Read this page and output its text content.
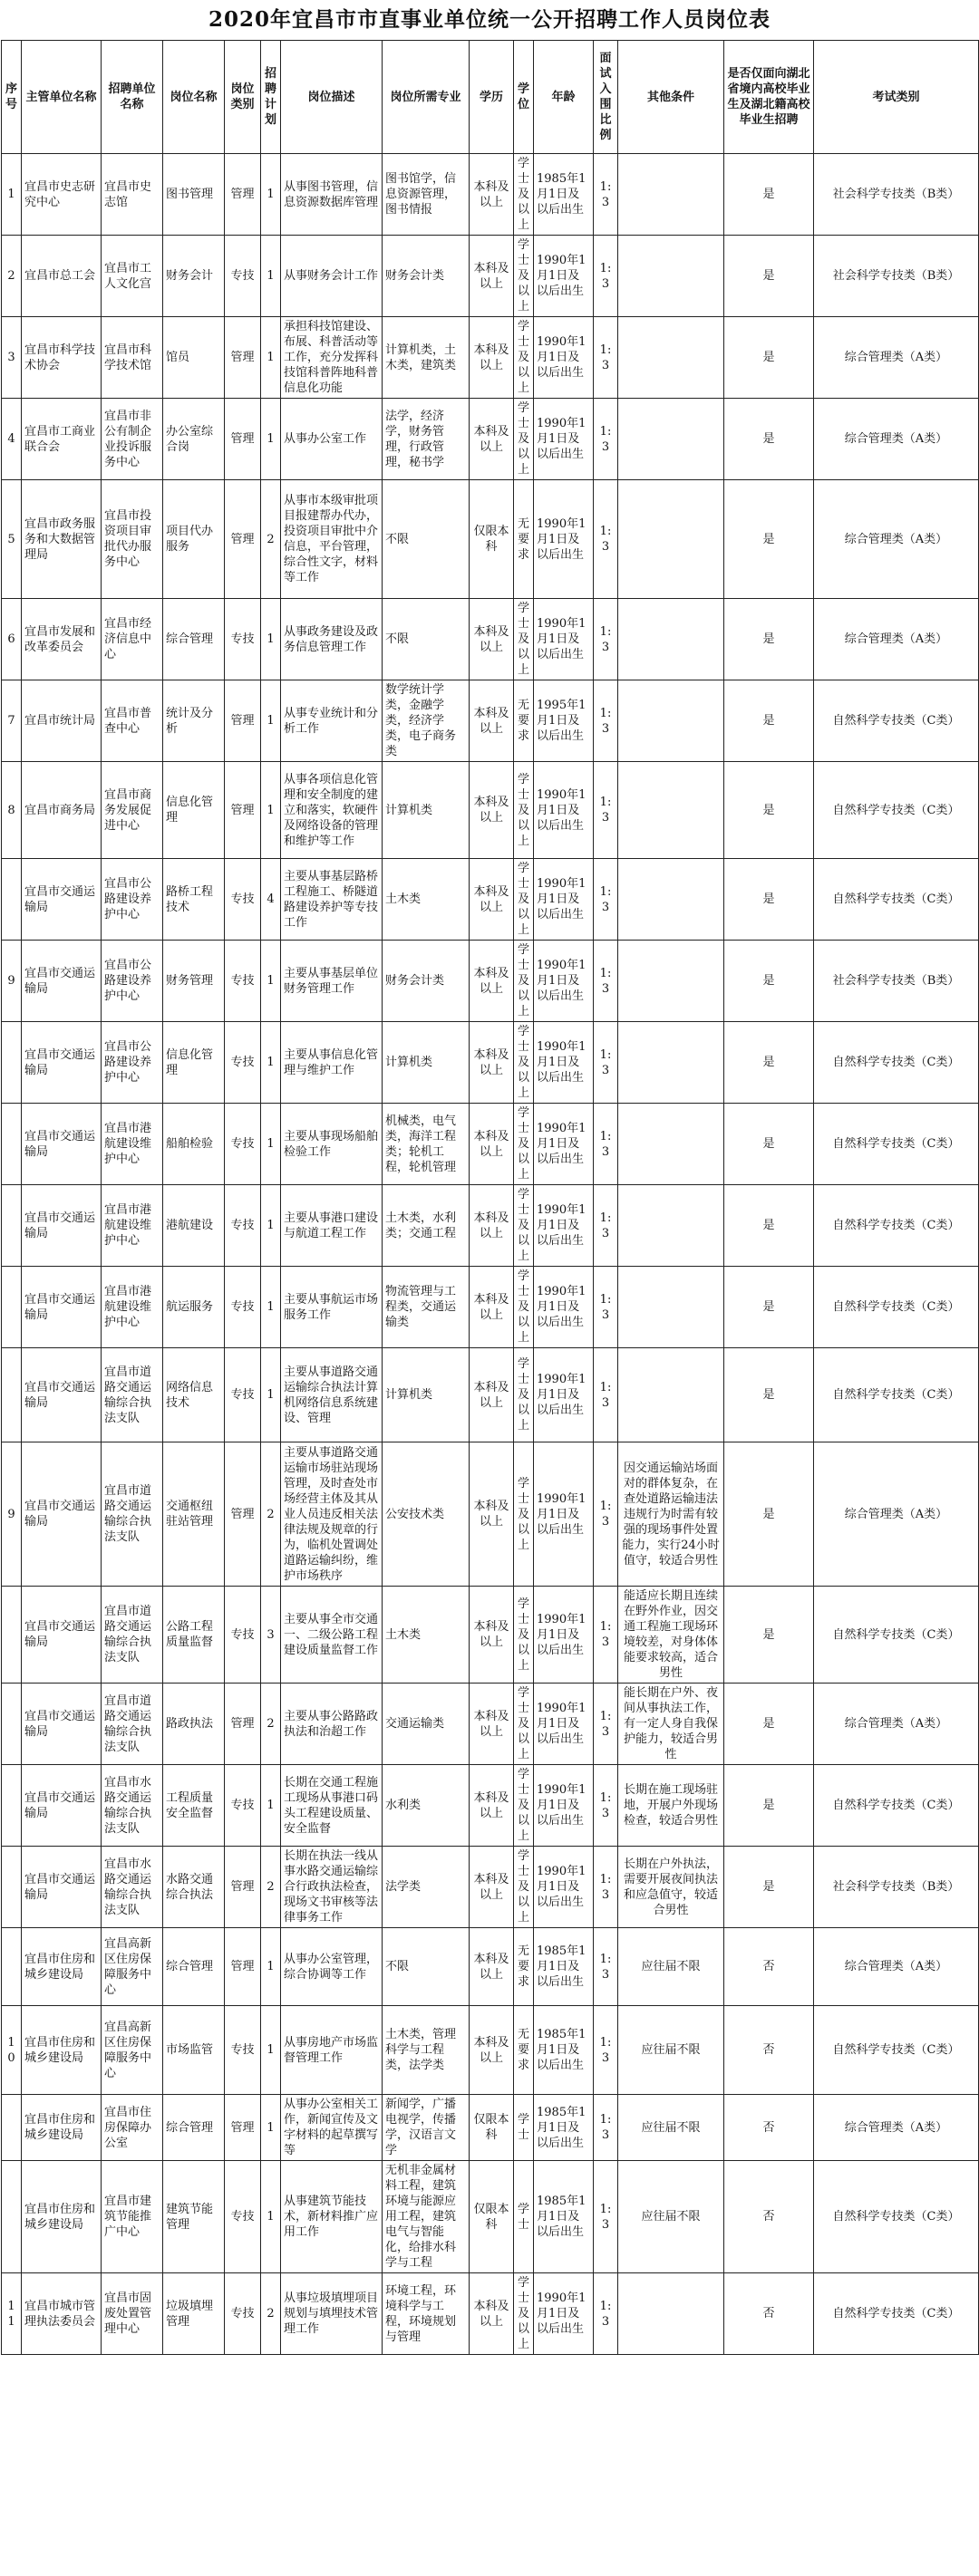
2020年宜昌市市直事业单位统一公开招聘工作人员岗位表
序号	主管单位名称	招聘单位名称	岗位名称	岗位类别	招聘计划	岗位描述	岗位所需专业	学历	学位	年龄	面试入围比例	其他条件	是否仅面向湖北省境内高校毕业生及湖北籍高校毕业生招聘	考试类别
1	宜昌市史志研究中心	宜昌市史志馆	图书管理	管理	1	从事图书管理，信息资源数据库管理	图书馆学，信息资源管理，图书情报	本科及以上	学士及以上	1985年1月1日及以后出生	1:3		是	社会科学专技类（B类）
2	宜昌市总工会	宜昌市工人文化宫	财务会计	专技	1	从事财务会计工作	财务会计类	本科及以上	学士及以上	1990年1月1日及以后出生	1:3		是	社会科学专技类（B类）
3	宜昌市科学技术协会	宜昌市科学技术馆	馆员	管理	1	承担科技馆建设、布展、科普活动等工作，充分发挥科技馆科普阵地科普信息化功能	计算机类，土木类，建筑类	本科及以上	学士及以上	1990年1月1日及以后出生	1:3		是	综合管理类（A类）
4	宜昌市工商业联合会	宜昌市非公有制企业投诉服务中心	办公室综合岗	管理	1	从事办公室工作	法学，经济学，财务管理，行政管理，秘书学	本科及以上	学士及以上	1990年1月1日及以后出生	1:3		是	综合管理类（A类）
5	宜昌市政务服务和大数据管理局	宜昌市投资项目审批代办服务中心	项目代办服务	管理	2	从事市本级审批项目报建帮办代办，投资项目审批中介信息，平台管理，综合性文字，材料等工作	不限	仅限本科	无要求	1990年1月1日及以后出生	1:3		是	综合管理类（A类）
6	宜昌市发展和改革委员会	宜昌市经济信息中心	综合管理	专技	1	从事政务建设及政务信息管理工作	不限	本科及以上	学士及以上	1990年1月1日及以后出生	1:3		是	综合管理类（A类）
7	宜昌市统计局	宜昌市普查中心	统计及分析	管理	1	从事专业统计和分析工作	数学统计学类，金融学类，经济学类，电子商务类	本科及以上	无要求	1995年1月1日及以后出生	1:3		是	自然科学专技类（C类）
8	宜昌市商务局	宜昌市商务发展促进中心	信息化管理	管理	1	从事各项信息化管理和安全制度的建立和落实，软硬件及网络设备的管理和维护等工作	计算机类	本科及以上	学士及以上	1990年1月1日及以后出生	1:3		是	自然科学专技类（C类）
	宜昌市交通运输局	宜昌市公路建设养护中心	路桥工程技术	专技	4	主要从事基层路桥工程施工、桥隧道路建设养护等专技工作	土木类	本科及以上	学士及以上	1990年1月1日及以后出生	1:3		是	自然科学专技类（C类）
9	宜昌市交通运输局	宜昌市公路建设养护中心	财务管理	专技	1	主要从事基层单位财务管理工作	财务会计类	本科及以上	学士及以上	1990年1月1日及以后出生	1:3		是	社会科学专技类（B类）
	宜昌市交通运输局	宜昌市公路建设养护中心	信息化管理	专技	1	主要从事信息化管理与维护工作	计算机类	本科及以上	学士及以上	1990年1月1日及以后出生	1:3		是	自然科学专技类（C类）
	宜昌市交通运输局	宜昌市港航建设维护中心	船舶检验	专技	1	主要从事现场船舶检验工作	机械类，电气类，海洋工程类；轮机工程，轮机管理	本科及以上	学士及以上	1990年1月1日及以后出生	1:3		是	自然科学专技类（C类）
	宜昌市交通运输局	宜昌市港航建设维护中心	港航建设	专技	1	主要从事港口建设与航道工程工作	土木类，水利类；交通工程	本科及以上	学士及以上	1990年1月1日及以后出生	1:3		是	自然科学专技类（C类）
	宜昌市交通运输局	宜昌市港航建设维护中心	航运服务	专技	1	主要从事航运市场服务工作	物流管理与工程类，交通运输类	本科及以上	学士及以上	1990年1月1日及以后出生	1:3		是	自然科学专技类（C类）
	宜昌市交通运输局	宜昌市道路交通运输综合执法支队	网络信息技术	专技	1	主要从事道路交通运输综合执法计算机网络信息系统建设、管理	计算机类	本科及以上	学士及以上	1990年1月1日及以后出生	1:3		是	自然科学专技类（C类）
9	宜昌市交通运输局	宜昌市道路交通运输综合执法支队	交通枢纽驻站管理	管理	2	主要从事道路交通运输市场驻站现场管理，及时查处市场经营主体及其从业人员违反相关法律法规及规章的行为，临机处置调处道路运输纠纷，维护市场秩序	公安技术类	本科及以上	学士及以上	1990年1月1日及以后出生	1:3	因交通运输站场面对的群体复杂，在查处道路运输违法违规行为时需有较强的现场事件处置能力，实行24小时值守，较适合男性	是	综合管理类（A类）
	宜昌市交通运输局	宜昌市道路交通运输综合执法支队	公路工程质量监督	专技	3	主要从事全市交通一、二级公路工程建设质量监督工作	土木类	本科及以上	学士及以上	1990年1月1日及以后出生	1:3	能适应长期且连续在野外作业，因交通工程施工现场环境较差，对身体体能要求较高，适合男性	是	自然科学专技类（C类）
	宜昌市交通运输局	宜昌市道路交通运输综合执法支队	路政执法	管理	2	主要从事公路路政执法和治超工作	交通运输类	本科及以上	学士及以上	1990年1月1日及以后出生	1:3	能长期在户外、夜间从事执法工作，有一定人身自我保护能力，较适合男性	是	综合管理类（A类）
	宜昌市交通运输局	宜昌市水路交通运输综合执法支队	工程质量安全监督	专技	1	长期在交通工程施工现场从事港口码头工程建设质量、安全监督	水利类	本科及以上	学士及以上	1990年1月1日及以后出生	1:3	长期在施工现场驻地，开展户外现场检查，较适合男性	是	自然科学专技类（C类）
	宜昌市交通运输局	宜昌市水路交通运输综合执法支队	水路交通综合执法	管理	2	长期在执法一线从事水路交通运输综合行政执法检查，现场文书审核等法律事务工作	法学类	本科及以上	学士及以上	1990年1月1日及以后出生	1:3	长期在户外执法，需要开展夜间执法和应急值守，较适合男性	是	社会科学专技类（B类）
	宜昌市住房和城乡建设局	宜昌高新区住房保障服务中心	综合管理	管理	1	从事办公室管理，综合协调等工作	不限	本科及以上	无要求	1985年1月1日及以后出生	1:3	应往届不限	否	综合管理类（A类）
10	宜昌市住房和城乡建设局	宜昌高新区住房保障服务中心	市场监管	专技	1	从事房地产市场监督管理工作	土木类，管理科学与工程类，法学类	本科及以上	无要求	1985年1月1日及以后出生	1:3	应往届不限	否	自然科学专技类（C类）
	宜昌市住房和城乡建设局	宜昌市住房保障办公室	综合管理	管理	1	从事办公室相关工作，新闻宣传及文字材料的起草撰写等	新闻学，广播电视学，传播学，汉语言文学	仅限本科	学士	1985年1月1日及以后出生	1:3	应往届不限	否	综合管理类（A类）
	宜昌市住房和城乡建设局	宜昌市建筑节能推广中心	建筑节能管理	专技	1	从事建筑节能技术，新材料推广应用工作	无机非金属材料工程，建筑环境与能源应用工程，建筑电气与智能化，给排水科学与工程	仅限本科	学士	1985年1月1日及以后出生	1:3	应往届不限	否	自然科学专技类（C类）
11	宜昌市城市管理执法委员会	宜昌市固废处置管理中心	垃圾填埋管理	专技	2	从事垃圾填埋项目规划与填埋技术管理工作	环境工程，环境科学与工程，环境规划与管理	本科及以上	学士及以上	1990年1月1日及以后出生	1:3		否	自然科学专技类（C类）
